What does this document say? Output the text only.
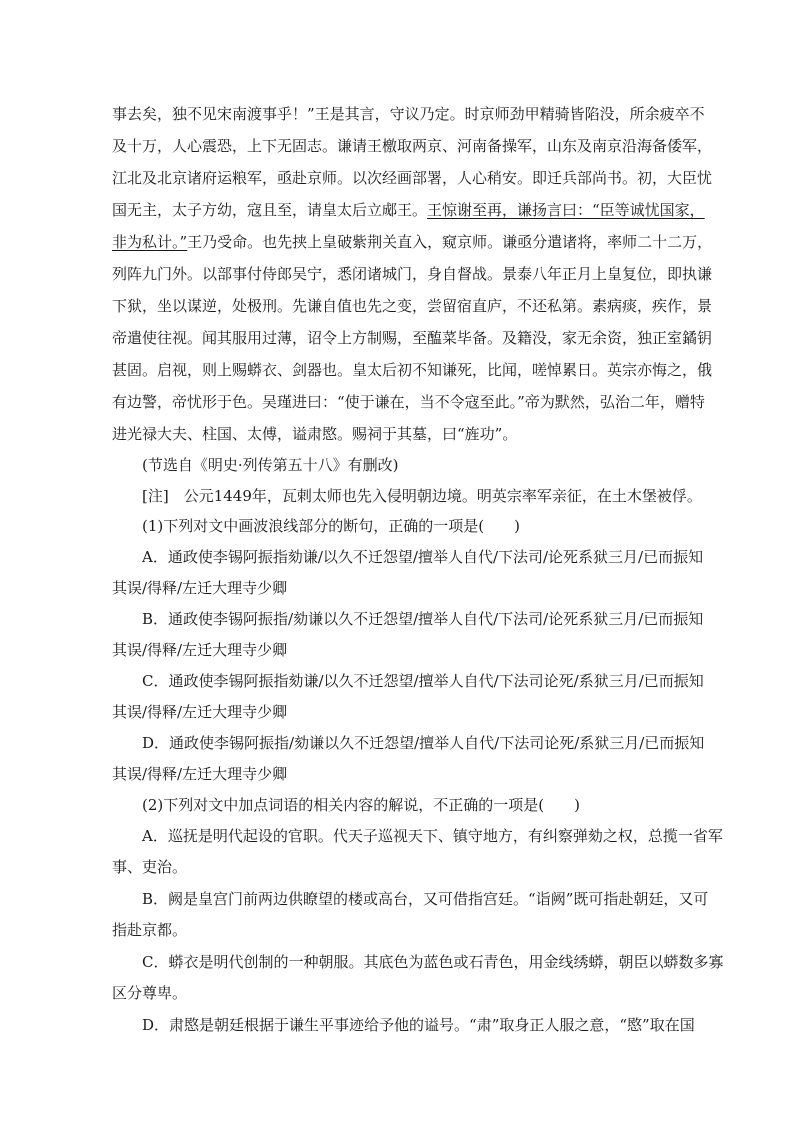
事去矣，独不见宋南渡事乎！”王是其言，守议乃定。时京师劲甲精骑皆陷没，所余疲卒不
及十万，人心震恐，上下无固志。谦请王檄取两京、河南备操军，山东及南京沿海备倭军，
江北及北京诸府运粮军，亟赴京师。以次经画部署，人心稍安。即迁兵部尚书。初，大臣忧
国无主，太子方幼，寇且至，请皇太后立郕王。王惊谢至再，谦扬言曰：“臣等诚忧国家，
非为私计。”王乃受命。也先挟上皇破紫荆关直入，窥京师。谦亟分遣诸将，率师二十二万，
列阵九门外。以部事付侍郎吴宁，悉闭诸城门，身自督战。景泰八年正月上皇复位，即执谦
下狱，坐以谋逆，处极刑。先谦自值也先之变，尝留宿直庐，不还私第。素病痰，疾作，景
帝遣使往视。闻其服用过薄，诏令上方制赐，至醢菜毕备。及籍没，家无余资，独正室鐍钥
甚固。启视，则上赐蟒衣、剑器也。皇太后初不知谦死，比闻，嗟悼累日。英宗亦悔之，俄
有边警，帝忧形于色。吴瑾进曰：“使于谦在，当不令寇至此。”帝为默然，弘治二年，赠特
进光禄大夫、柱国、太傅，谥肃愍。赐祠于其墓，曰“旌功”。
(节选自《明史·列传第五十八》有删改)
[注]　公元1449年，瓦剌太师也先入侵明朝边境。明英宗率军亲征，在土木堡被俘。
(1)下列对文中画波浪线部分的断句，正确的一项是(　　)
A．通政使李锡阿振指劾谦/以久不迁怨望/擅举人自代/下法司/论死系狱三月/已而振知
其误/得释/左迁大理寺少卿
B．通政使李锡阿振指/劾谦以久不迁怨望/擅举人自代/下法司/论死系狱三月/已而振知
其误/得释/左迁大理寺少卿
C．通政使李锡阿振指劾谦/以久不迁怨望/擅举人自代/下法司论死/系狱三月/已而振知
其误/得释/左迁大理寺少卿
D．通政使李锡阿振指/劾谦以久不迁怨望/擅举人自代/下法司论死/系狱三月/已而振知
其误/得释/左迁大理寺少卿
(2)下列对文中加点词语的相关内容的解说，不正确的一项是(　　)
A．巡抚是明代起设的官职。代天子巡视天下、镇守地方，有纠察弹劾之权，总揽一省军
事、吏治。
B．阙是皇宫门前两边供瞭望的楼或高台，又可借指宫廷。“诣阙”既可指赴朝廷，又可
指赴京都。
C．蟒衣是明代创制的一种朝服。其底色为蓝色或石青色，用金线绣蟒，朝臣以蟒数多寡
区分尊卑。
D．肃愍是朝廷根据于谦生平事迹给予他的谥号。“肃”取身正人服之意，“愍”取在国
